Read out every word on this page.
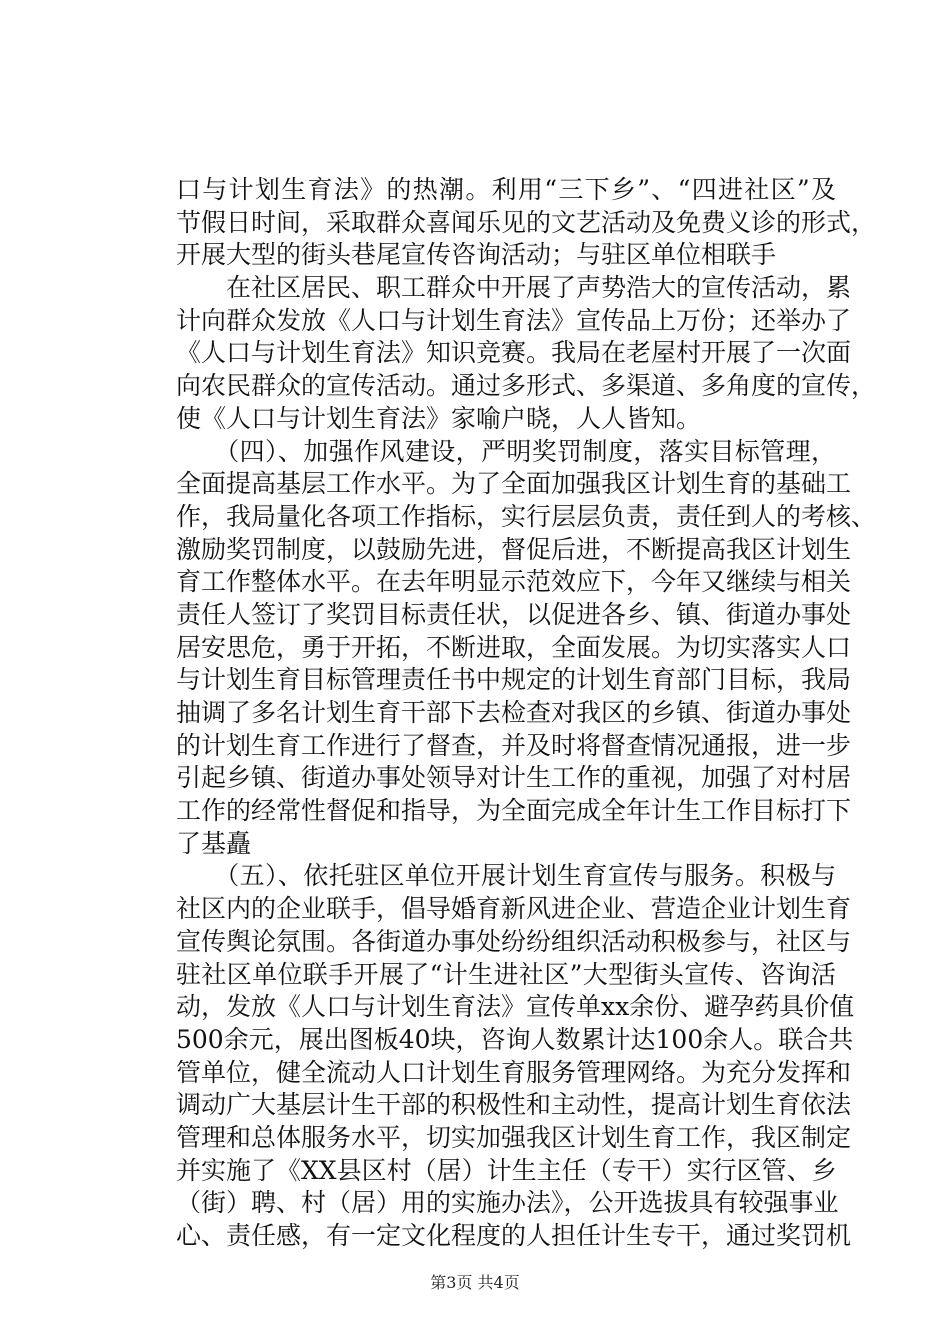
口与计划生育法》的热潮。利用“三下乡”、“四进社区”及
节假日时间，采取群众喜闻乐见的文艺活动及免费义诊的形式，
开展大型的街头巷尾宣传咨询活动；与驻区单位相联手
　　在社区居民、职工群众中开展了声势浩大的宣传活动，累
计向群众发放《人口与计划生育法》宣传品上万份；还举办了
《人口与计划生育法》知识竞赛。我局在老屋村开展了一次面
向农民群众的宣传活动。通过多形式、多渠道、多角度的宣传，
使《人口与计划生育法》家喻户晓，人人皆知。
　　（四）、加强作风建设，严明奖罚制度，落实目标管理，
全面提高基层工作水平。为了全面加强我区计划生育的基础工
作，我局量化各项工作指标，实行层层负责，责任到人的考核、
激励奖罚制度，以鼓励先进，督促后进，不断提高我区计划生
育工作整体水平。在去年明显示范效应下，今年又继续与相关
责任人签订了奖罚目标责任状，以促进各乡、镇、街道办事处
居安思危，勇于开拓，不断进取，全面发展。为切实落实人口
与计划生育目标管理责任书中规定的计划生育部门目标，我局
抽调了多名计划生育干部下去检查对我区的乡镇、街道办事处
的计划生育工作进行了督查，并及时将督查情况通报，进一步
引起乡镇、街道办事处领导对计生工作的重视，加强了对村居
工作的经常性督促和指导，为全面完成全年计生工作目标打下
了基矗
　　（五）、依托驻区单位开展计划生育宣传与服务。积极与
社区内的企业联手，倡导婚育新风进企业、营造企业计划生育
宣传舆论氛围。各街道办事处纷纷组织活动积极参与，社区与
驻社区单位联手开展了“计生进社区”大型街头宣传、咨询活
动，发放《人口与计划生育法》宣传单xx余份、避孕药具价值
500余元，展出图板40块，咨询人数累计达100余人。联合共
管单位，健全流动人口计划生育服务管理网络。为充分发挥和
调动广大基层计生干部的积极性和主动性，提高计划生育依法
管理和总体服务水平，切实加强我区计划生育工作，我区制定
并实施了《XX县区村（居）计生主任（专干）实行区管、乡
（街）聘、村（居）用的实施办法》，公开选拔具有较强事业
心、责任感，有一定文化程度的人担任计生专干，通过奖罚机
第3页 共4页
